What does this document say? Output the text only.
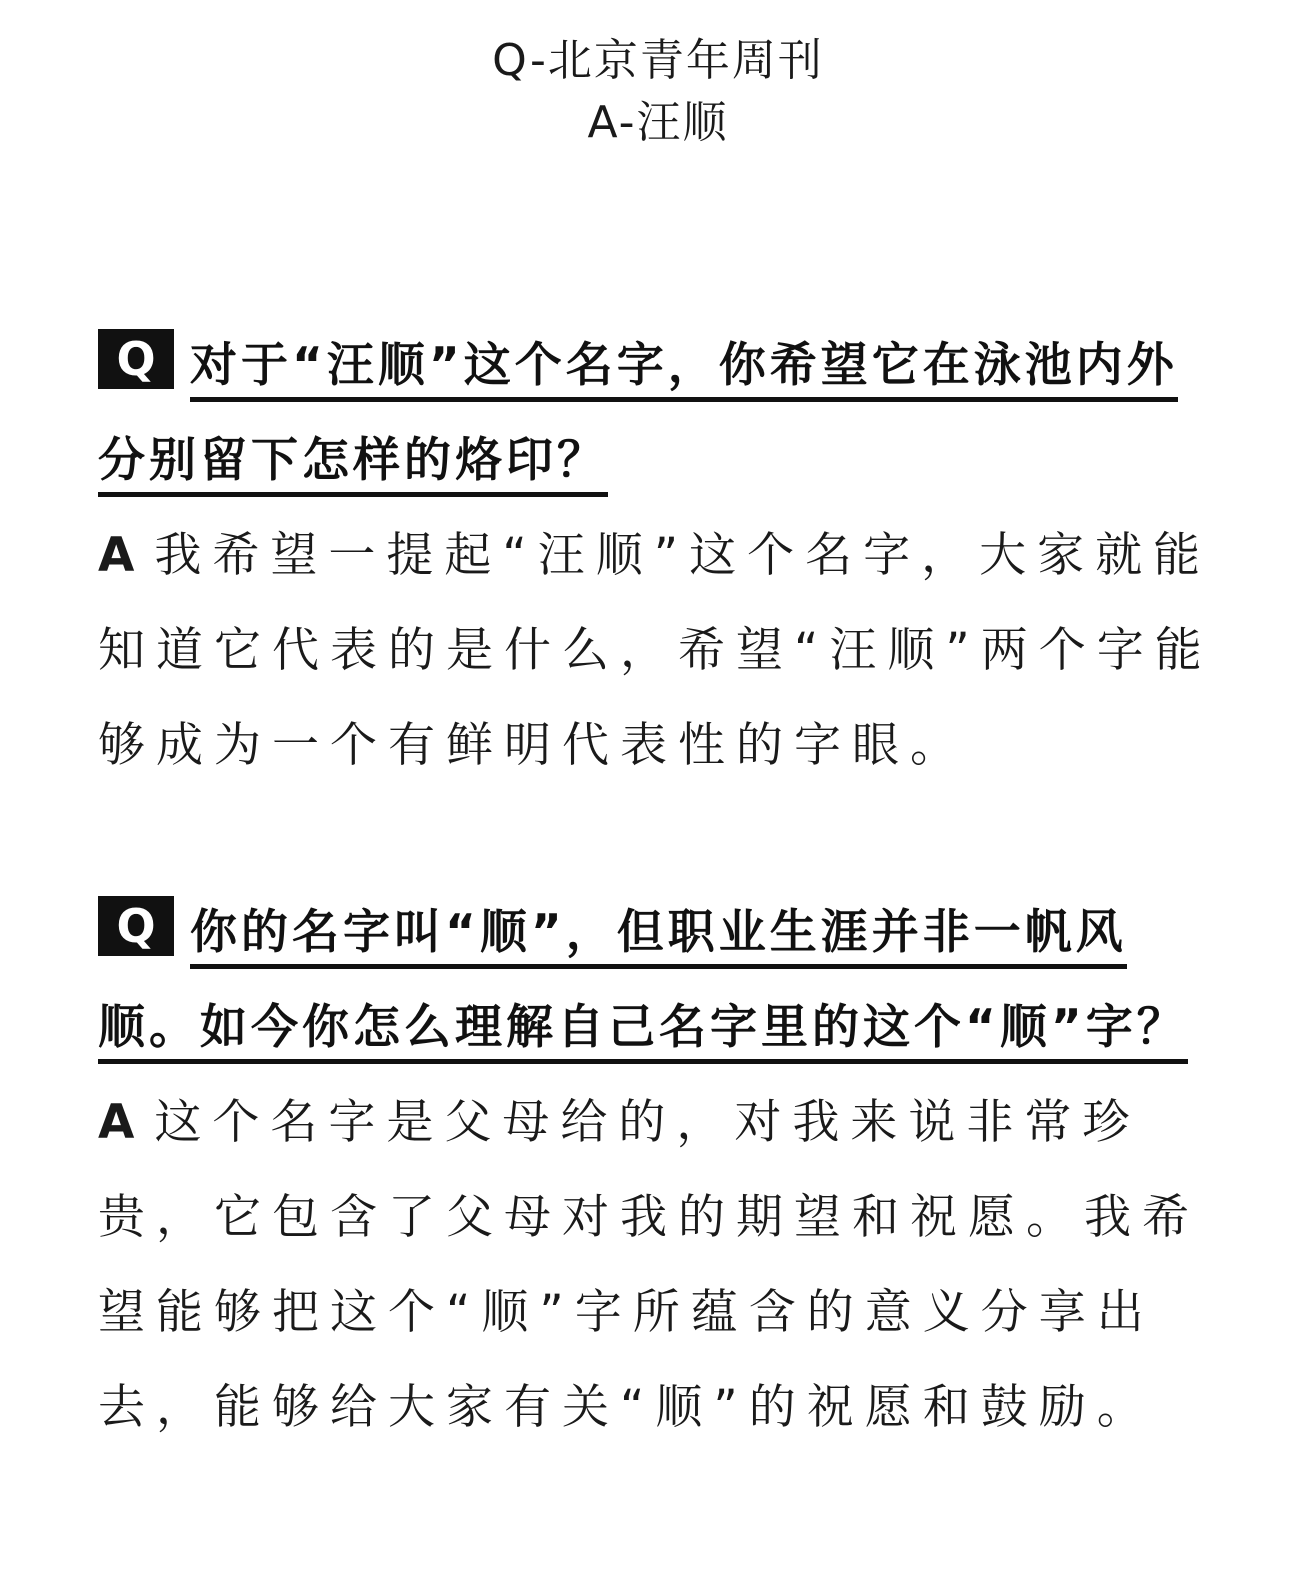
Q-北京青年周刊
A-汪顺

Q 对于“汪顺”这个名字，你希望它在泳池内外分别留下怎样的烙印？

A 我希望一提起“汪顺”这个名字，大家就能知道它代表的是什么，希望“汪顺”两个字能够成为一个有鲜明代表性的字眼。

Q 你的名字叫“顺”，但职业生涯并非一帆风顺。如今你怎么理解自己名字里的这个“顺”字？

A 这个名字是父母给的，对我来说非常珍贵，它包含了父母对我的期望和祝愿。我希望能够把这个“顺”字所蕴含的意义分享出去，能够给大家有关“顺”的祝愿和鼓励。
